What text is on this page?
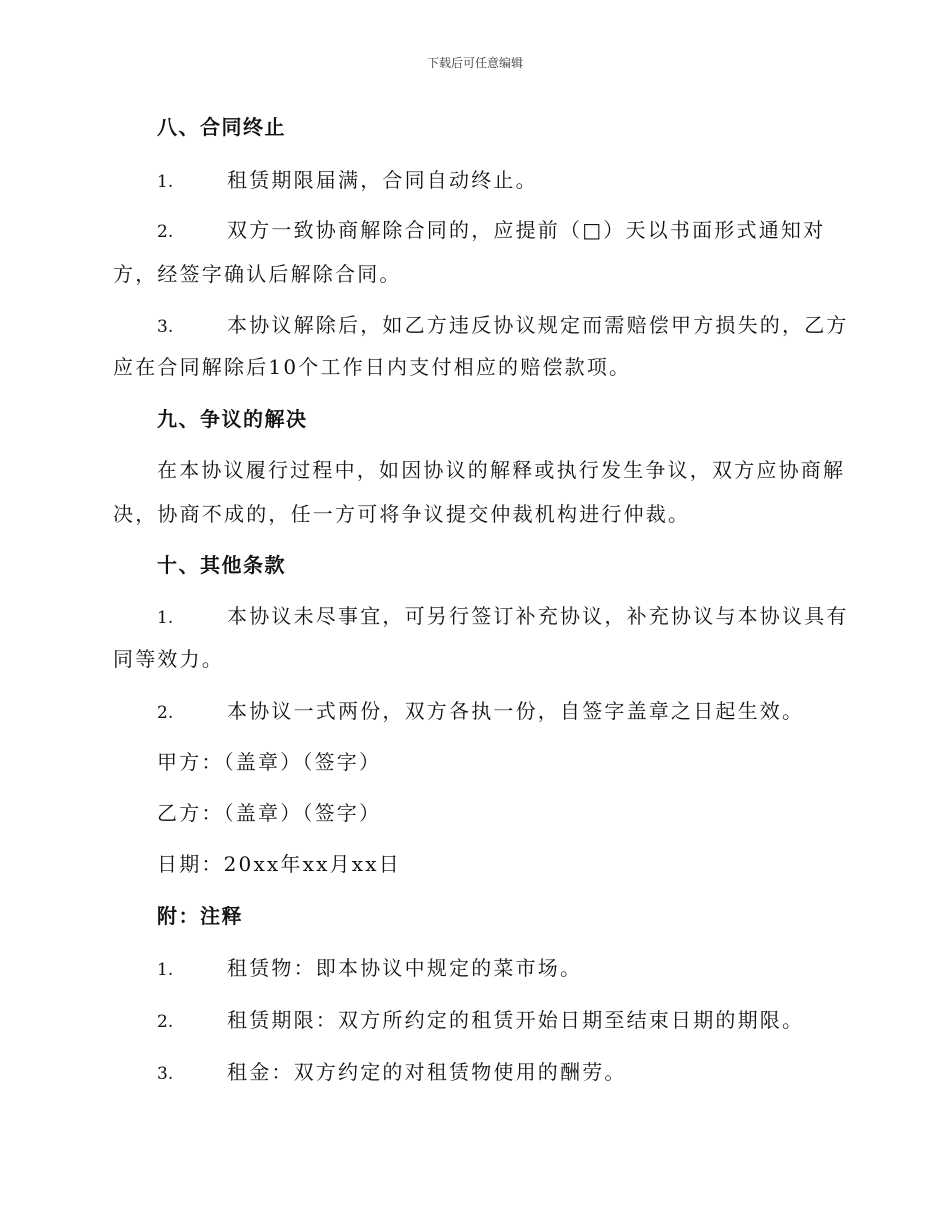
下载后可任意编辑
八、合同终止
1.	租赁期限届满，合同自动终止。
2.	双方一致协商解除合同的，应提前（□）天以书面形式通知对
方，经签字确认后解除合同。
3.	本协议解除后，如乙方违反协议规定而需赔偿甲方损失的，乙方
应在合同解除后10个工作日内支付相应的赔偿款项。
九、争议的解决
在本协议履行过程中，如因协议的解释或执行发生争议，双方应协商解
决，协商不成的，任一方可将争议提交仲裁机构进行仲裁。
十、其他条款
1.	本协议未尽事宜，可另行签订补充协议，补充协议与本协议具有
同等效力。
2.	本协议一式两份，双方各执一份，自签字盖章之日起生效。
甲方：（盖章）（签字）
乙方：（盖章）（签字）
日期：20xx年xx月xx日
附：注释
1.	租赁物：即本协议中规定的菜市场。
2.	租赁期限：双方所约定的租赁开始日期至结束日期的期限。
3.	租金：双方约定的对租赁物使用的酬劳。
